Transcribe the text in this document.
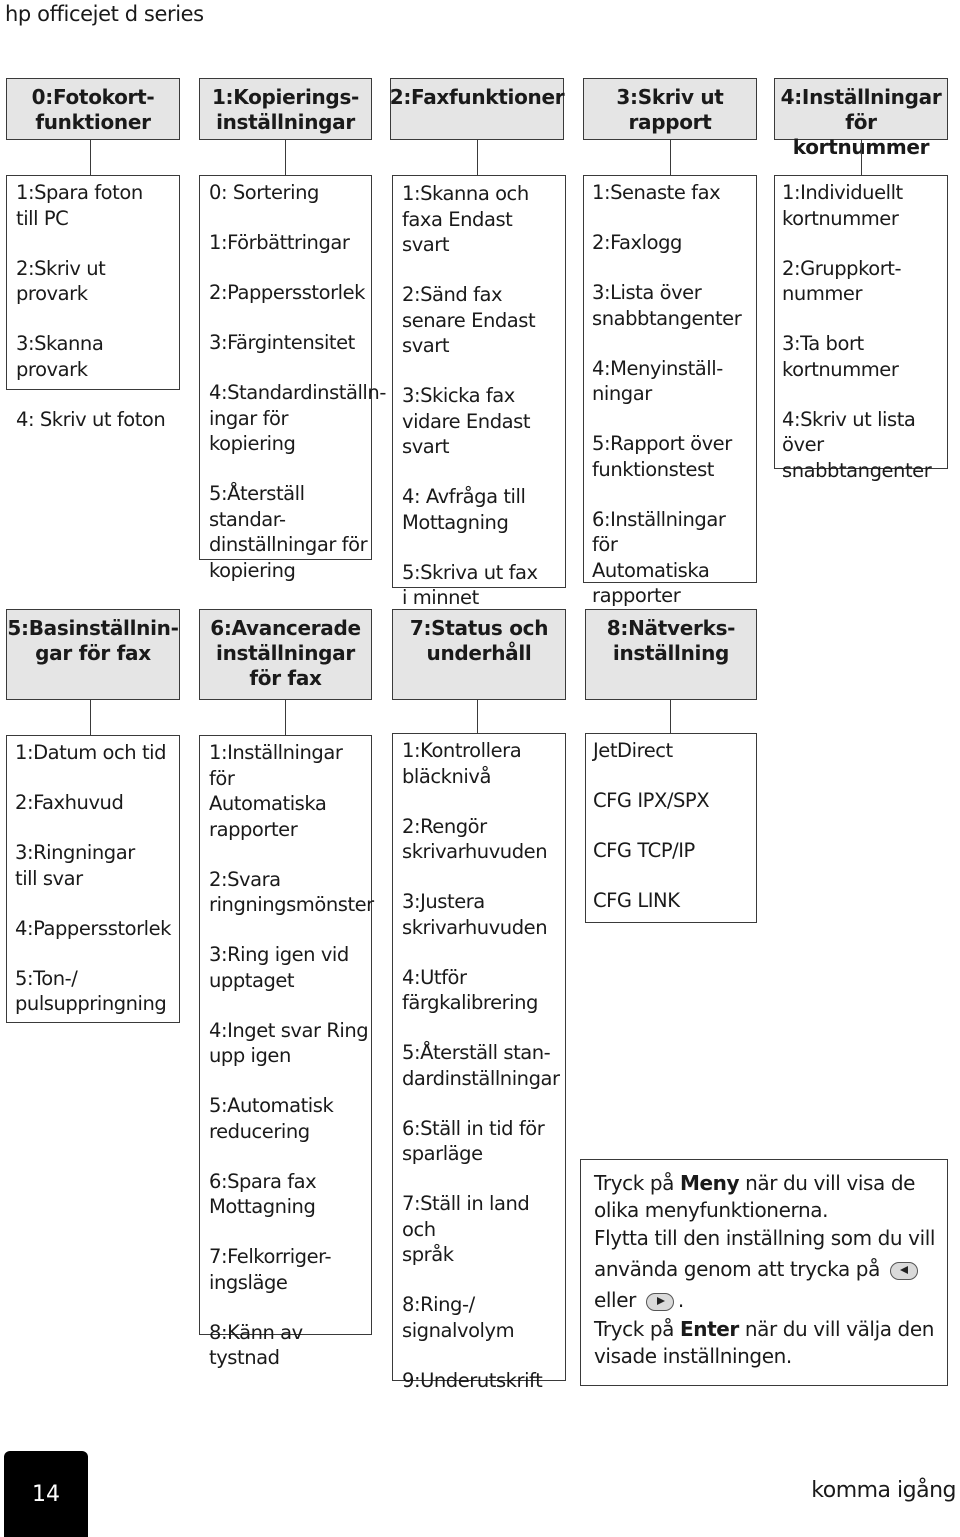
hp officejet d series
0:Fotokort-
funktioner
1:Kopierings-
inställningar
2:Faxfunktioner	3:Skriv ut
rapport
4:Inställningar
för kortnummer
1:Spara foton
till PC
2:Skriv ut provark
3:Skanna provark
4: Skriv ut foton
0: Sortering
1:Förbättringar
2:Pappersstorlek
3:Färgintensitet
4:Standardinställn-
ingar för kopiering
5:Återställ standar-
dinställningar för
kopiering
1:Skanna och
faxa Endast svart
2:Sänd fax
senare Endast
svart
3:Skicka fax
vidare Endast
svart
4: Avfråga till
Mottagning
5:Skriva ut fax
i minnet
1:Senaste fax
2:Faxlogg
3:Lista över
snabbtangenter
4:Menyinställ-
ningar
5:Rapport över
funktionstest
6:Inställningar för
Automatiska
rapporter
1:Individuellt
kortnummer
2:Gruppkort-
nummer
3:Ta bort
kortnummer
4:Skriv ut lista över
snabbtangenter
5:Basinställnin-
gar för fax
6:Avancerade
inställningar
för fax
7:Status och
underhåll
8:Nätverks-
inställning
1:Datum och tid
2:Faxhuvud
3:Ringningar
till svar
4:Pappersstorlek
5:Ton-/
pulsuppringning
1:Inställningar för
Automatiska
rapporter
2:Svara
ringningsmönster
3:Ring igen vid
upptaget
4:Inget svar Ring
upp igen
5:Automatisk
reducering
6:Spara fax
Mottagning
7:Felkorriger-
ingsläge
8:Känn av tystnad
1:Kontrollera
bläcknivå
2:Rengör
skrivarhuvuden
3:Justera
skrivarhuvuden
4:Utför
färgkalibrering
5:Återställ stan-
dardinställningar
6:Ställ in tid för
sparläge
7:Ställ in land och
språk
8:Ring-/
signalvolym
9:Underutskrift
JetDirect
CFG IPX/SPX
CFG TCP/IP
CFG LINK
Tryck på Meny när du vill visa de olika menyfunktionerna.
Flytta till den inställning som du vill använda genom att trycka på
eller .
Tryck på Enter när du vill välja den visade inställningen.
14	komma igång
